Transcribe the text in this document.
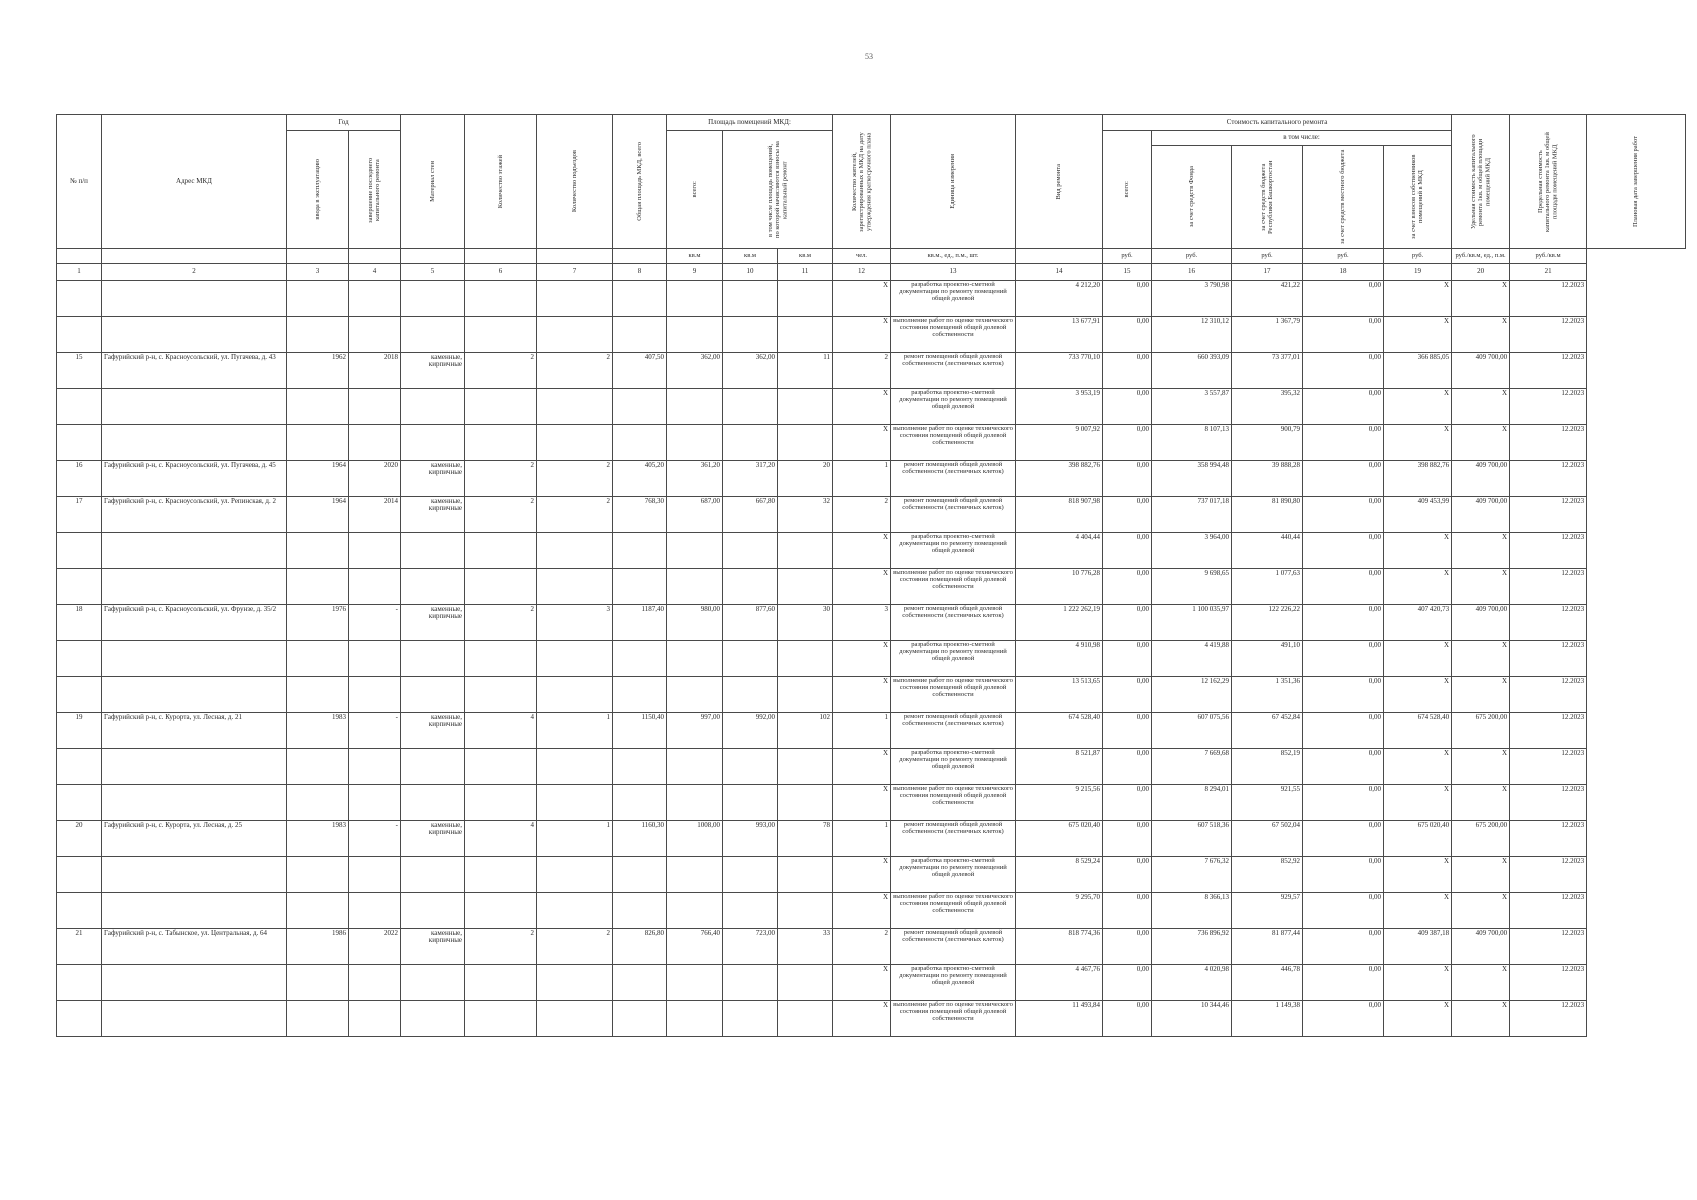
53
№ п/п	Адрес МКД	Год		Материал стен	Количество этажей	Количество подъездов	Общая площадь МКД, всего	Площадь помещений МКД:			Количество жителей, зарегистрированных в МКД на дату утверждения краткосрочного плана	Единица измерения	Вид ремонта	Стоимость капитального ремонта					Удельная стоимость капитального ремонта 1кв. м общей площади помещений МКД	Предельная стоимость капитального ремонта 1кв. м общей площади помещений МКД	Плановая дата завершения работ

		ввода в эксплуатацию	завершение последнего капитального ремонта					всего:	в том числе площадь помещений, по которой начисляются взносы на капитальный ремонт					всего:	в том числе:						

															за счет средств Фонда	за счет средств бюджета Республики Башкортостан	за счет средств местного бюджета	за счет взносов собственников помещений в МКД			

								кв.м	кв.м	кв.м	чел.	кв.м., ед., п.м., шт.		руб.	руб.	руб.	руб.	руб.	руб./кв.м, ед., п.м.	руб./кв.м	
1	2	3	4	5	6	7	8	9	10	11	12	13	14	15	16	17	18	19	20	21	
											X	разработка проектно-сметной документации по ремонту помещений общей долевой	4 212,20	0,00	3 790,98	421,22	0,00	X	X	12.2023	
											X	выполнение работ по оценке технического состояния помещений общей долевой собственности	13 677,91	0,00	12 310,12	1 367,79	0,00	X	X	12.2023	
15	Гафурийский р-н, с. Красноусольский, ул. Пугачева, д. 43	1962	2018	каменные, кирпичные	2	2	407,50	362,00	362,00	11	2	ремонт помещений общей долевой собственности (лестничных клеток)	733 770,10	0,00	660 393,09	73 377,01	0,00	366 885,05	409 700,00	12.2023	
											X	разработка проектно-сметной документации по ремонту помещений общей долевой	3 953,19	0,00	3 557,87	395,32	0,00	X	X	12.2023	
											X	выполнение работ по оценке технического состояния помещений общей долевой собственности	9 007,92	0,00	8 107,13	900,79	0,00	X	X	12.2023	
16	Гафурийский р-н, с. Красноусольский, ул. Пугачева, д. 45	1964	2020	каменные, кирпичные	2	2	405,20	361,20	317,20	20	1	ремонт помещений общей долевой собственности (лестничных клеток)	398 882,76	0,00	358 994,48	39 888,28	0,00	398 882,76	409 700,00	12.2023	
17	Гафурийский р-н, с. Красноусольский, ул. Репинская, д. 2	1964	2014	каменные, кирпичные	2	2	768,30	687,00	667,80	32	2	ремонт помещений общей долевой собственности (лестничных клеток)	818 907,98	0,00	737 017,18	81 890,80	0,00	409 453,99	409 700,00	12.2023	
											X	разработка проектно-сметной документации по ремонту помещений общей долевой	4 404,44	0,00	3 964,00	440,44	0,00	X	X	12.2023	
											X	выполнение работ по оценке технического состояния помещений общей долевой собственности	10 776,28	0,00	9 698,65	1 077,63	0,00	X	X	12.2023	
18	Гафурийский р-н, с. Красноусольский, ул. Фрунзе, д. 35/2	1976	-	каменные, кирпичные	2	3	1187,40	980,00	877,60	30	3	ремонт помещений общей долевой собственности (лестничных клеток)	1 222 262,19	0,00	1 100 035,97	122 226,22	0,00	407 420,73	409 700,00	12.2023	
											X	разработка проектно-сметной документации по ремонту помещений общей долевой	4 910,98	0,00	4 419,88	491,10	0,00	X	X	12.2023	
											X	выполнение работ по оценке технического состояния помещений общей долевой собственности	13 513,65	0,00	12 162,29	1 351,36	0,00	X	X	12.2023	
19	Гафурийский р-н, с. Курорта, ул. Лесная, д. 21	1983	-	каменные, кирпичные	4	1	1150,40	997,00	992,00	102	1	ремонт помещений общей долевой собственности (лестничных клеток)	674 528,40	0,00	607 075,56	67 452,84	0,00	674 528,40	675 200,00	12.2023	
											X	разработка проектно-сметной документации по ремонту помещений общей долевой	8 521,87	0,00	7 669,68	852,19	0,00	X	X	12.2023	
											X	выполнение работ по оценке технического состояния помещений общей долевой собственности	9 215,56	0,00	8 294,01	921,55	0,00	X	X	12.2023	
20	Гафурийский р-н, с. Курорта, ул. Лесная, д. 25	1983	-	каменные, кирпичные	4	1	1160,30	1008,00	993,00	78	1	ремонт помещений общей долевой собственности (лестничных клеток)	675 020,40	0,00	607 518,36	67 502,04	0,00	675 020,40	675 200,00	12.2023	
											X	разработка проектно-сметной документации по ремонту помещений общей долевой	8 529,24	0,00	7 676,32	852,92	0,00	X	X	12.2023	
											X	выполнение работ по оценке технического состояния помещений общей долевой собственности	9 295,70	0,00	8 366,13	929,57	0,00	X	X	12.2023	
21	Гафурийский р-н, с. Табынское, ул. Центральная, д. 64	1986	2022	каменные, кирпичные	2	2	826,80	766,40	723,00	33	2	ремонт помещений общей долевой собственности (лестничных клеток)	818 774,36	0,00	736 896,92	81 877,44	0,00	409 387,18	409 700,00	12.2023	
											X	разработка проектно-сметной документации по ремонту помещений общей долевой	4 467,76	0,00	4 020,98	446,78	0,00	X	X	12.2023	
											X	выполнение работ по оценке технического состояния помещений общей долевой собственности	11 493,84	0,00	10 344,46	1 149,38	0,00	X	X	12.2023	
